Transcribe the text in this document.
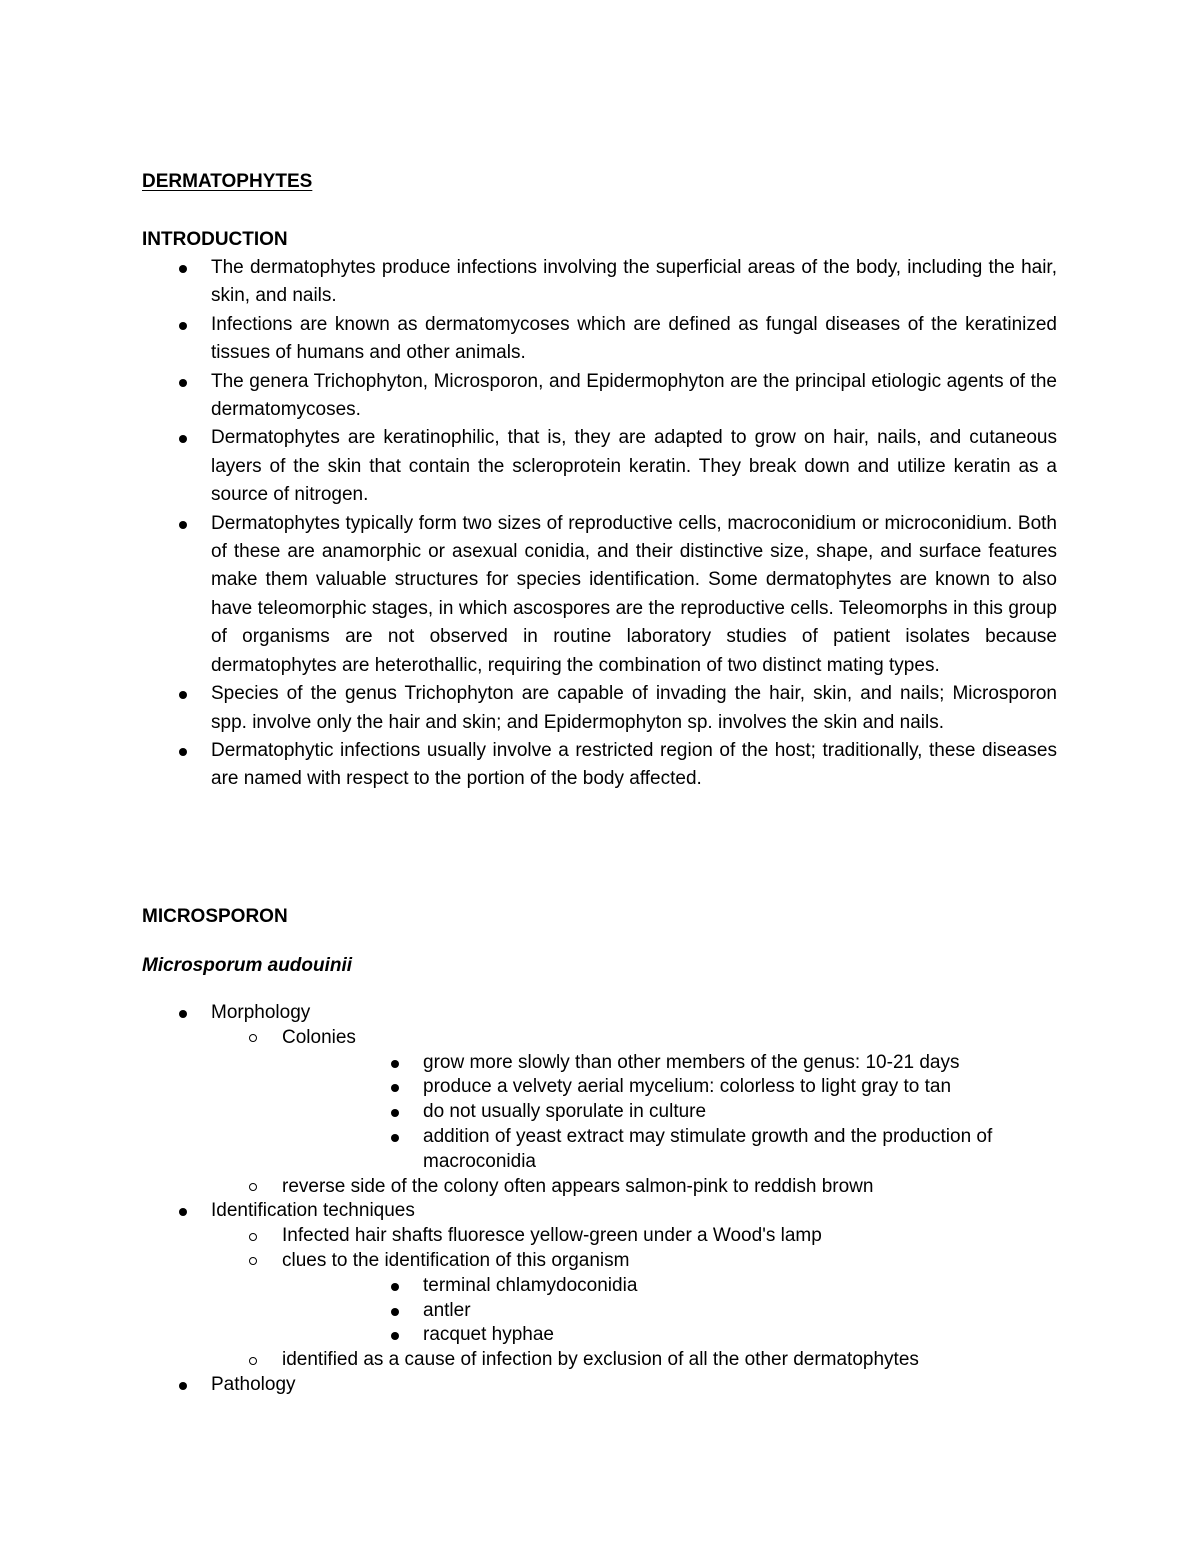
DERMATOPHYTES
INTRODUCTION
The dermatophytes produce infections involving the superficial areas of the body, including the hair, skin, and nails.
Infections are known as dermatomycoses which are defined as fungal diseases of the keratinized tissues of humans and other animals.
The genera Trichophyton, Microsporon, and Epidermophyton are the principal etiologic agents of the dermatomycoses.
Dermatophytes are keratinophilic, that is, they are adapted to grow on hair, nails, and cutaneous layers of the skin that contain the scleroprotein keratin. They break down and utilize keratin as a source of nitrogen.
Dermatophytes typically form two sizes of reproductive cells, macroconidium or microconidium. Both of these are anamorphic or asexual conidia, and their distinctive size, shape, and surface features make them valuable structures for species identification. Some dermatophytes are known to also have teleomorphic stages, in which ascospores are the reproductive cells. Teleomorphs in this group of organisms are not observed in routine laboratory studies of patient isolates because dermatophytes are heterothallic, requiring the combination of two distinct mating types.
Species of the genus Trichophyton are capable of invading the hair, skin, and nails; Microsporon spp. involve only the hair and skin; and Epidermophyton sp. involves the skin and nails.
Dermatophytic infections usually involve a restricted region of the host; traditionally, these diseases are named with respect to the portion of the body affected.
MICROSPORON
Microsporum audouinii
Morphology
Colonies
grow more slowly than other members of the genus: 10-21 days
produce a velvety aerial mycelium: colorless to light gray to tan
do not usually sporulate in culture
addition of yeast extract may stimulate growth and the production of macroconidia
reverse side of the colony often appears salmon-pink to reddish brown
Identification techniques
Infected hair shafts fluoresce yellow-green under a Wood's lamp
clues to the identification of this organism
terminal chlamydoconidia
antler
racquet hyphae
identified as a cause of infection by exclusion of all the other dermatophytes
Pathology
